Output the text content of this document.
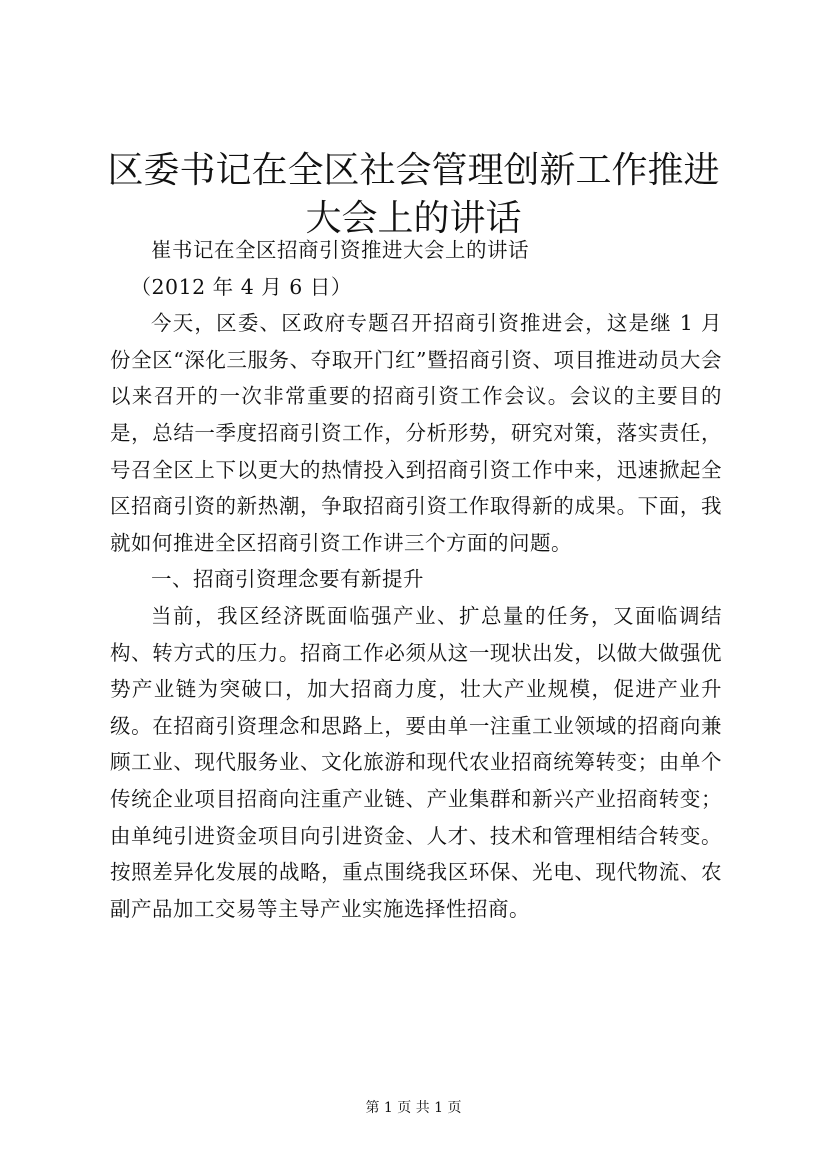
区委书记在全区社会管理创新工作推进大会上的讲话

崔书记在全区招商引资推进大会上的讲话

（2012 年 4 月 6 日）

今天，区委、区政府专题召开招商引资推进会，这是继 1 月份全区“深化三服务、夺取开门红”暨招商引资、项目推进动员大会以来召开的一次非常重要的招商引资工作会议。会议的主要目的是，总结一季度招商引资工作，分析形势，研究对策，落实责任，号召全区上下以更大的热情投入到招商引资工作中来，迅速掀起全区招商引资的新热潮，争取招商引资工作取得新的成果。下面，我就如何推进全区招商引资工作讲三个方面的问题。

一、招商引资理念要有新提升

当前，我区经济既面临强产业、扩总量的任务，又面临调结构、转方式的压力。招商工作必须从这一现状出发，以做大做强优势产业链为突破口，加大招商力度，壮大产业规模，促进产业升级。在招商引资理念和思路上，要由单一注重工业领域的招商向兼顾工业、现代服务业、文化旅游和现代农业招商统筹转变；由单个传统企业项目招商向注重产业链、产业集群和新兴产业招商转变；由单纯引进资金项目向引进资金、人才、技术和管理相结合转变。按照差异化发展的战略，重点围绕我区环保、光电、现代物流、农副产品加工交易等主导产业实施选择性招商。

第 1 页 共 1 页
